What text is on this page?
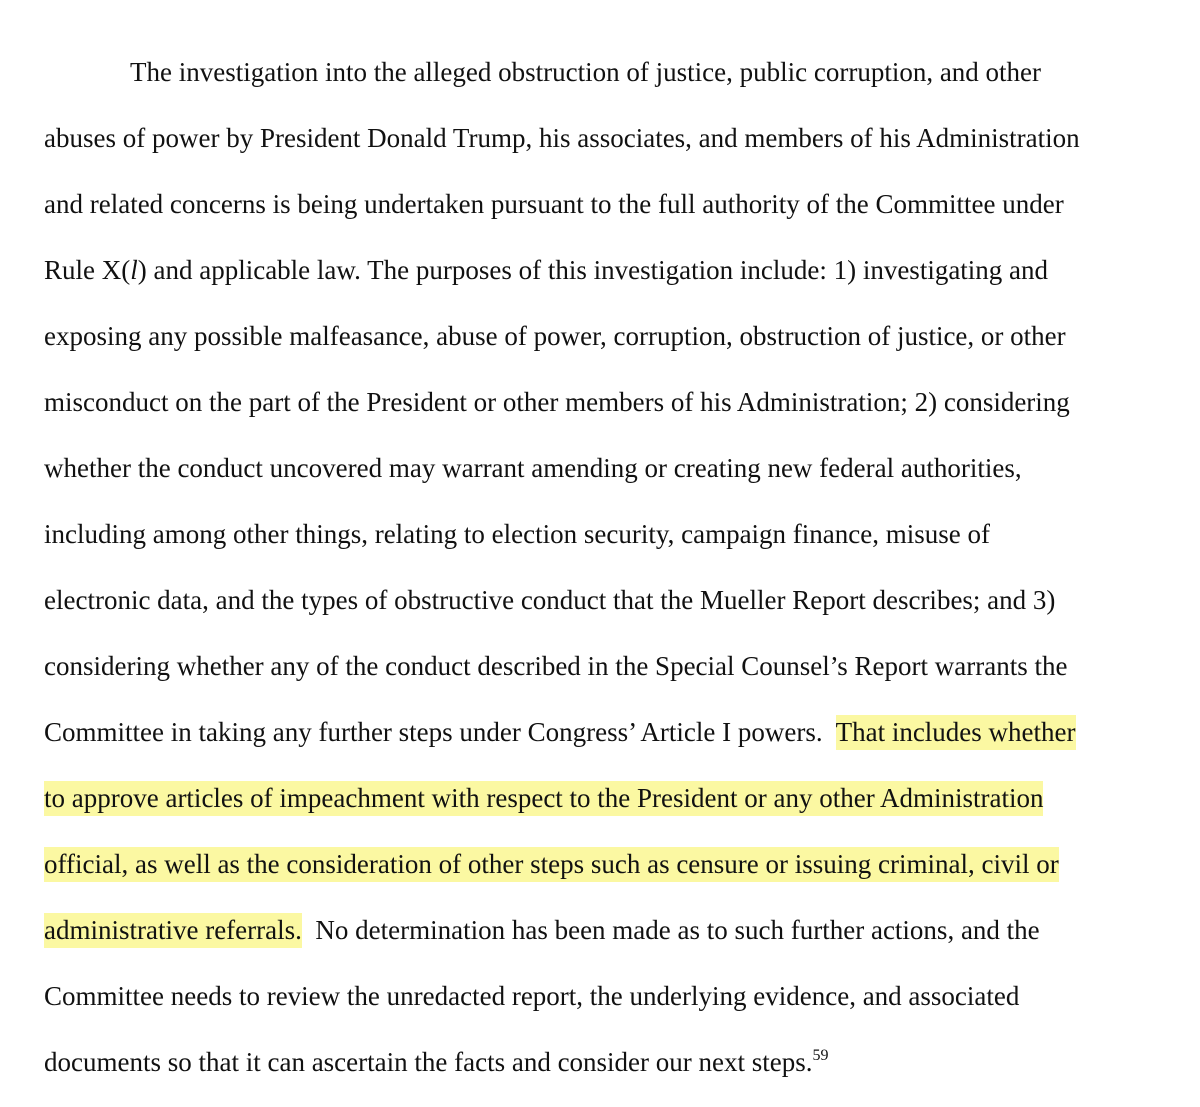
The investigation into the alleged obstruction of justice, public corruption, and other
abuses of power by President Donald Trump, his associates, and members of his Administration
and related concerns is being undertaken pursuant to the full authority of the Committee under
Rule X(l) and applicable law. The purposes of this investigation include: 1) investigating and
exposing any possible malfeasance, abuse of power, corruption, obstruction of justice, or other
misconduct on the part of the President or other members of his Administration; 2) considering
whether the conduct uncovered may warrant amending or creating new federal authorities,
including among other things, relating to election security, campaign finance, misuse of
electronic data, and the types of obstructive conduct that the Mueller Report describes; and 3)
considering whether any of the conduct described in the Special Counsel’s Report warrants the
Committee in taking any further steps under Congress’ Article I powers.  That includes whether
to approve articles of impeachment with respect to the President or any other Administration
official, as well as the consideration of other steps such as censure or issuing criminal, civil or
administrative referrals.  No determination has been made as to such further actions, and the
Committee needs to review the unredacted report, the underlying evidence, and associated
documents so that it can ascertain the facts and consider our next steps.$^{59}$
